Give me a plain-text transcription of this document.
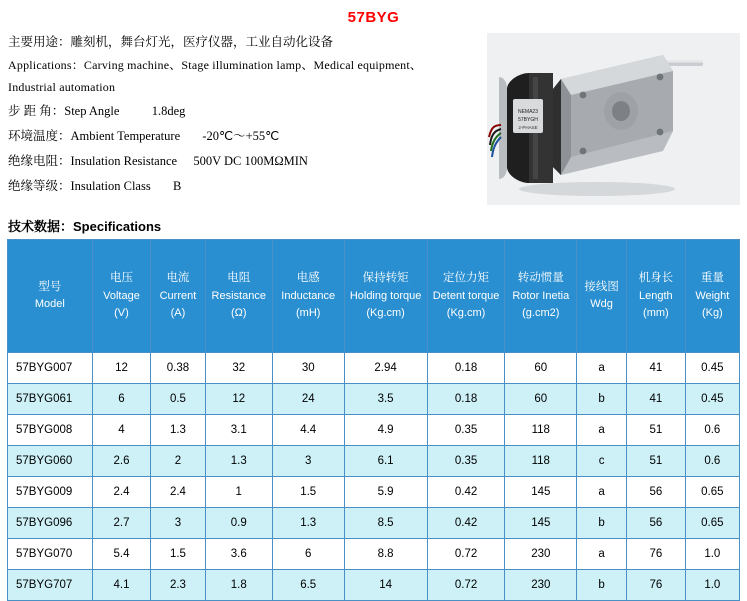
57BYG

主要用途：雕刻机，舞台灯光，医疗仪器，工业自动化设备

Applications：Carving machine、Stage illumination lamp、Medical equipment、

Industrial automation

步 距 角：Step Angle	1.8deg
环境温度：Ambient Temperature -20℃～+55℃
绝缘电阻：Insulation Resistance 500V DC 100MΩMIN
绝缘等级：Insulation Class B
技术数据：Specifications
NEMA23
57BYGH
2-PHASE
型号
Model	电压
Voltage
(V)	电流
Current
(A)	电阻
Resistance
(Ω)	电感
Inductance
(mH)	保持转矩
Holding torque
(Kg.cm)	定位力矩
Detent torque
(Kg.cm)	转动惯量
Rotor Inetia
(g.cm2)	接线图
Wdg	机身长
Length
(mm)	重量
Weight
(Kg)

57BYG007	12	0.38	32	30	2.94	0.18	60	a	41	0.45
57BYG061	6	0.5	12	24	3.5	0.18	60	b	41	0.45
57BYG008	4	1.3	3.1	4.4	4.9	0.35	118	a	51	0.6
57BYG060	2.6	2	1.3	3	6.1	0.35	118	c	51	0.6
57BYG009	2.4	2.4	1	1.5	5.9	0.42	145	a	56	0.65
57BYG096	2.7	3	0.9	1.3	8.5	0.42	145	b	56	0.65
57BYG070	5.4	1.5	3.6	6	8.8	0.72	230	a	76	1.0
57BYG707	4.1	2.3	1.8	6.5	14	0.72	230	b	76	1.0
